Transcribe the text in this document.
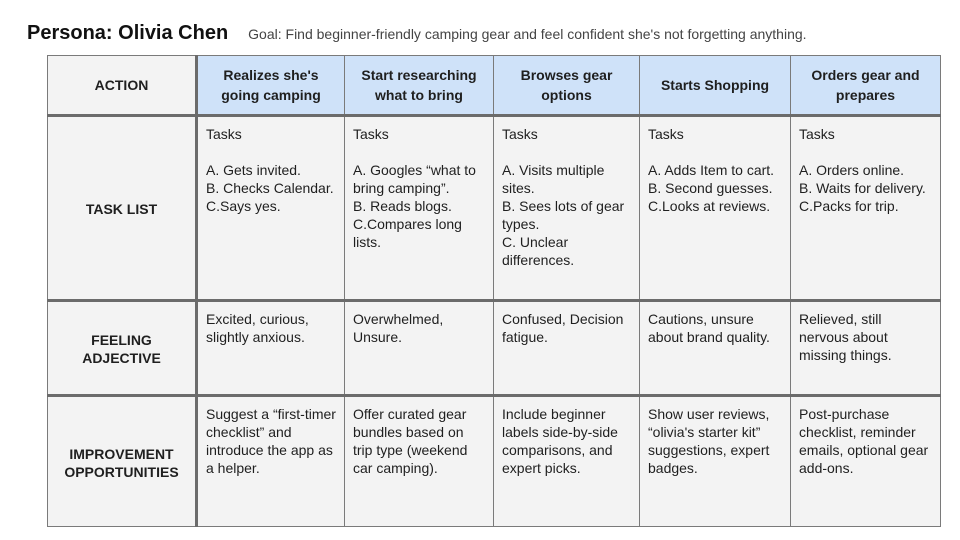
Persona: Olivia Chen Goal: Find beginner-friendly camping gear and feel confident she's not forgetting anything.
ACTION	Realizes she's going camping	Start researching what to bring	Browses gear options	Starts Shopping	Orders gear and prepares
TASK LIST	Tasks
A. Gets invited.
B. Checks Calendar.
C.Says yes.	Tasks
A. Googles “what to bring camping”.
B. Reads blogs.
C.Compares long lists.	Tasks
A. Visits multiple sites.
B. Sees lots of gear types.
C. Unclear differences.	Tasks
A. Adds Item to cart.
B. Second guesses.
C.Looks at reviews.	Tasks
A. Orders online.
B. Waits for delivery.
C.Packs for trip.

FEELING ADJECTIVE	Excited, curious, slightly anxious.	Overwhelmed, Unsure.	Confused, Decision fatigue.	Cautions, unsure about brand quality.	Relieved, still nervous about missing things.
IMPROVEMENT OPPORTUNITIES	Suggest a “first-timer checklist” and introduce the app as a helper.	Offer curated gear bundles based on trip type (weekend car camping).	Include beginner labels side-by-side comparisons, and expert picks.	Show user reviews, “olivia's starter kit” suggestions, expert badges.	Post-purchase checklist, reminder emails, optional gear add-ons.
